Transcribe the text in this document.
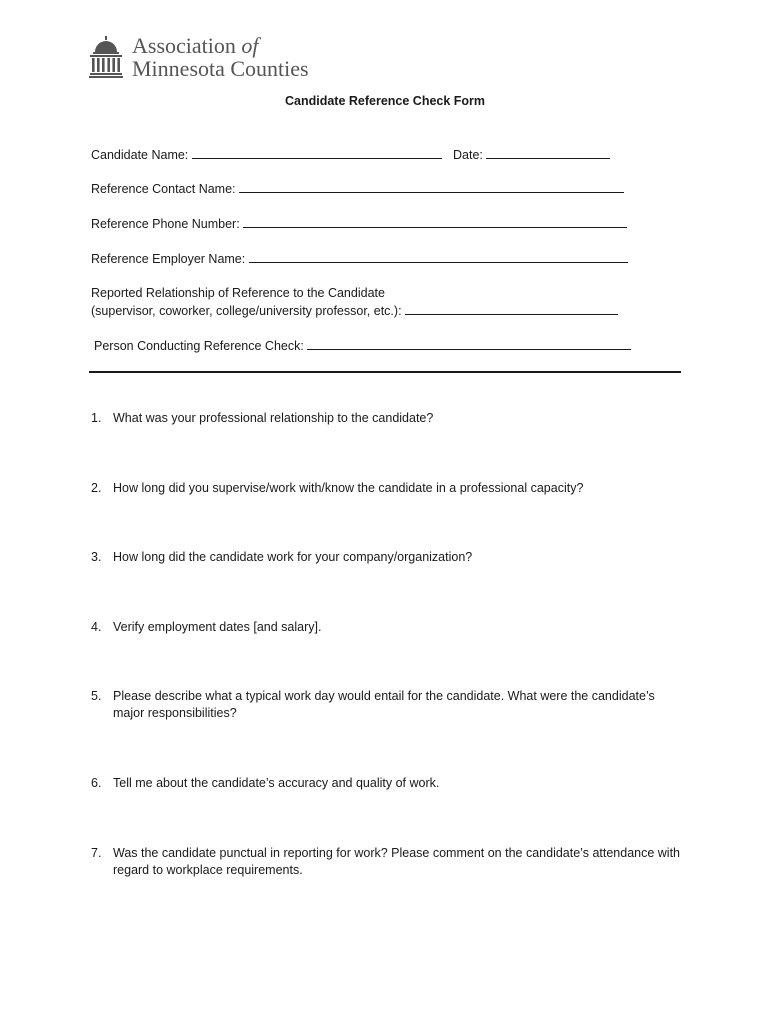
Association of
Minnesota Counties
Candidate Reference Check Form
Candidate Name:	Date:
Reference Contact Name:
Reference Phone Number:
Reference Employer Name:
Reported Relationship of Reference to the Candidate
(supervisor, coworker, college/university professor, etc.):
Person Conducting Reference Check:
1. What was your professional relationship to the candidate?
2. How long did you supervise/work with/know the candidate in a professional capacity?
3. How long did the candidate work for your company/organization?
4. Verify employment dates [and salary].
5. Please describe what a typical work day would entail for the candidate. What were the candidate’s major responsibilities?
6. Tell me about the candidate’s accuracy and quality of work.
7. Was the candidate punctual in reporting for work? Please comment on the candidate’s attendance with regard to workplace requirements.
